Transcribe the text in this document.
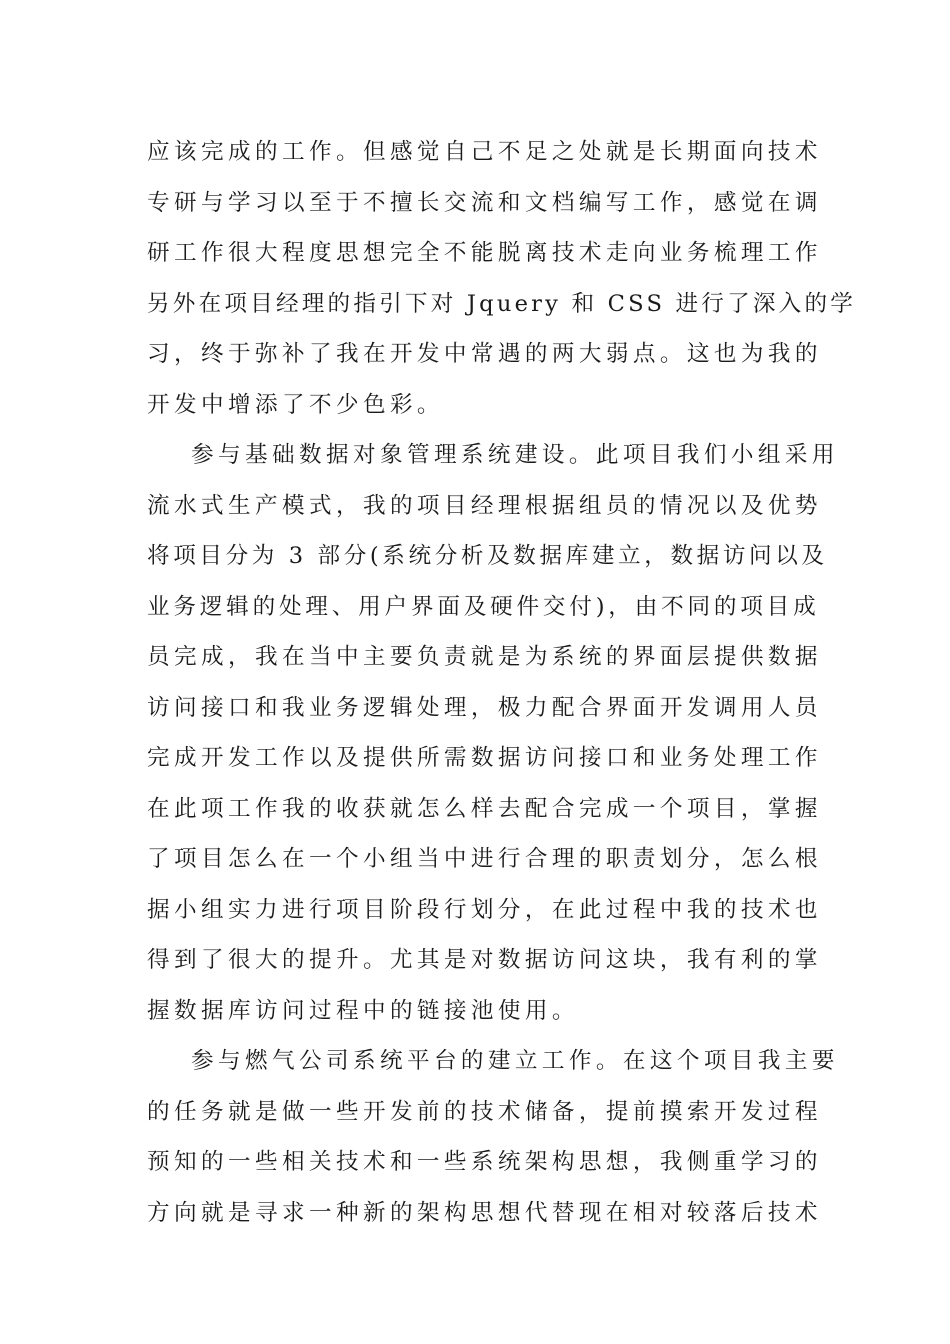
应该完成的工作。但感觉自己不足之处就是长期面向技术
专研与学习以至于不擅长交流和文档编写工作，感觉在调
研工作很大程度思想完全不能脱离技术走向业务梳理工作
另外在项目经理的指引下对 Jquery 和 CSS 进行了深入的学
习，终于弥补了我在开发中常遇的两大弱点。这也为我的
开发中增添了不少色彩。
参与基础数据对象管理系统建设。此项目我们小组采用
流水式生产模式，我的项目经理根据组员的情况以及优势
将项目分为 3 部分(系统分析及数据库建立，数据访问以及
业务逻辑的处理、用户界面及硬件交付)，由不同的项目成
员完成，我在当中主要负责就是为系统的界面层提供数据
访问接口和我业务逻辑处理，极力配合界面开发调用人员
完成开发工作以及提供所需数据访问接口和业务处理工作
在此项工作我的收获就怎么样去配合完成一个项目，掌握
了项目怎么在一个小组当中进行合理的职责划分，怎么根
据小组实力进行项目阶段行划分，在此过程中我的技术也
得到了很大的提升。尤其是对数据访问这块，我有利的掌
握数据库访问过程中的链接池使用。
参与燃气公司系统平台的建立工作。在这个项目我主要
的任务就是做一些开发前的技术储备，提前摸索开发过程
预知的一些相关技术和一些系统架构思想，我侧重学习的
方向就是寻求一种新的架构思想代替现在相对较落后技术
